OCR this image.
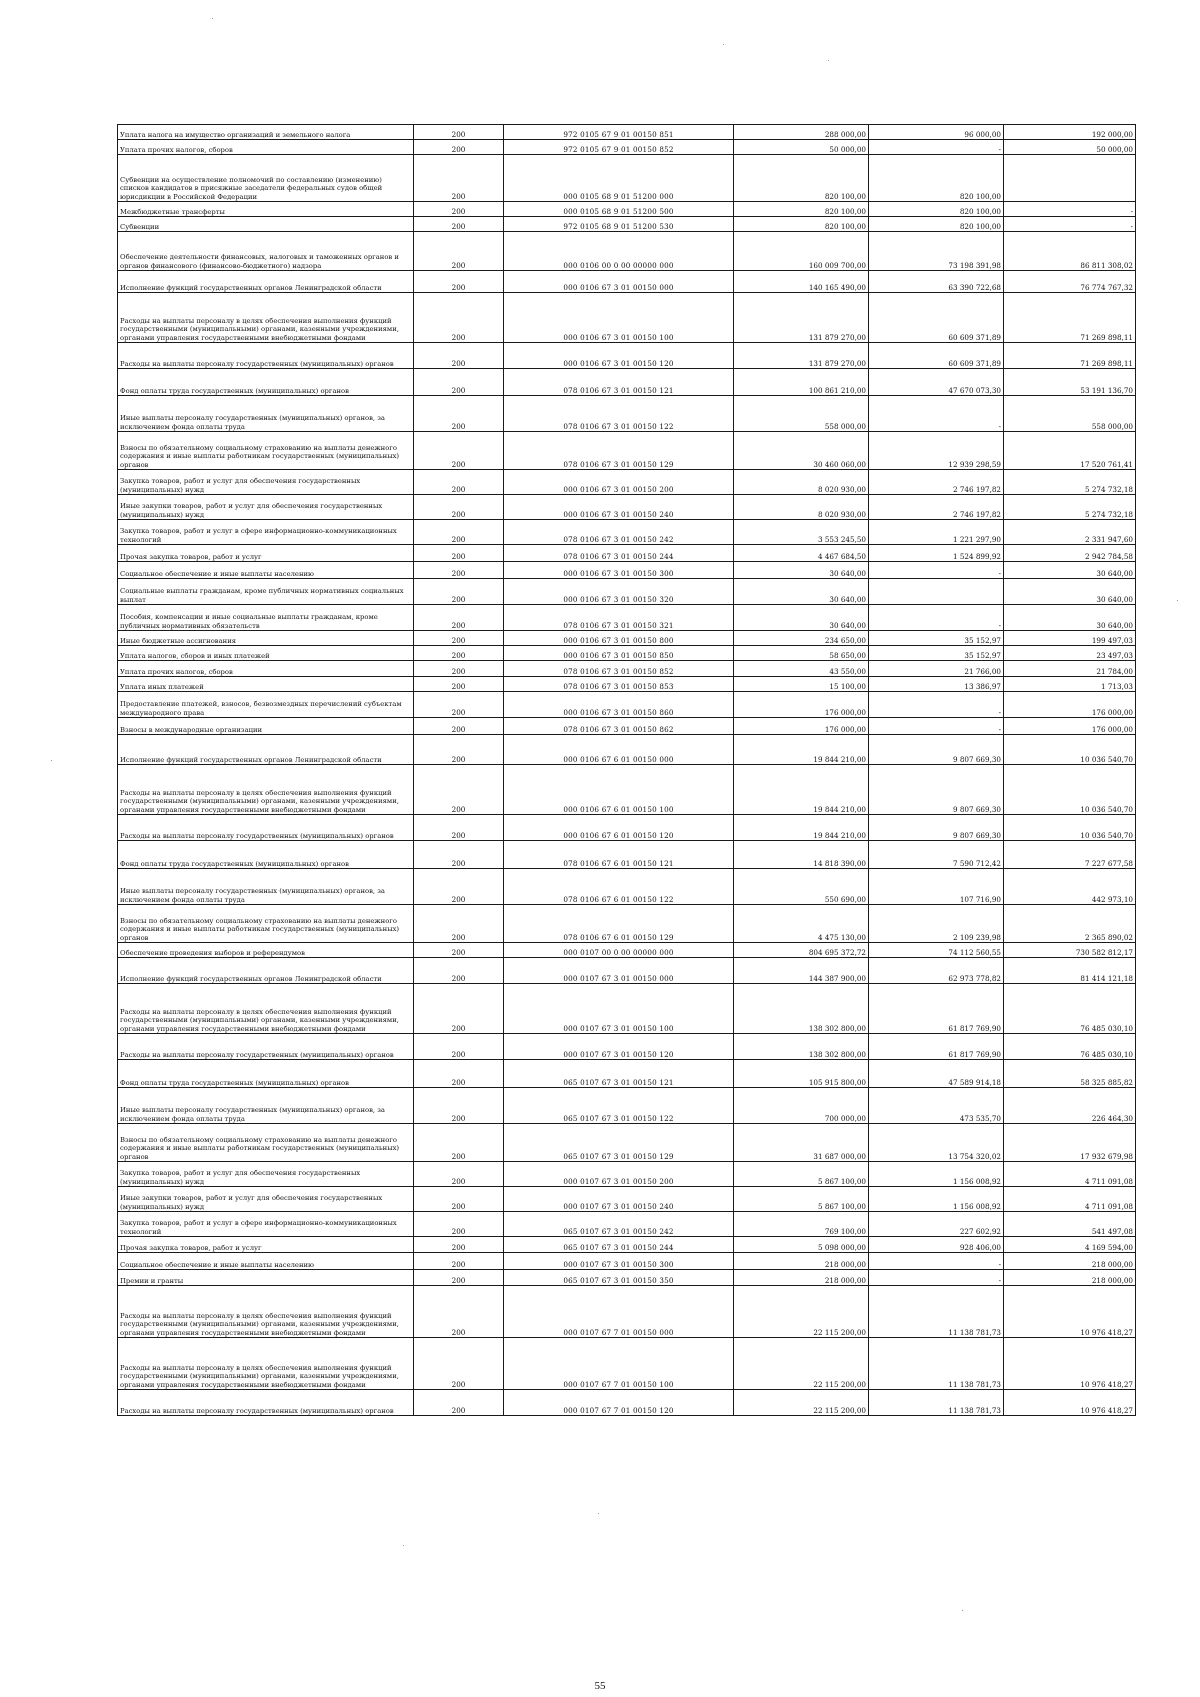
Уплата налога на имущество организаций и земельного налога	200	972 0105 67 9 01 00150 851	288 000,00	96 000,00	192 000,00
Уплата прочих налогов, сборов	200	972 0105 67 9 01 00150 852	50 000,00	-	50 000,00
Субвенции на осуществление полномочий по составлению (изменению) списков кандидатов в присяжные заседатели федеральных судов общей юрисдикции в Российской Федерации	200	000 0105 68 9 01 51200 000	820 100,00	820 100,00	
Межбюджетные трансферты	200	000 0105 68 9 01 51200 500	820 100,00	820 100,00	-
Субвенции	200	972 0105 68 9 01 51200 530	820 100,00	820 100,00	-
Обеспечение деятельности финансовых, налоговых и таможенных органов и органов финансового (финансово-бюджетного) надзора	200	000 0106 00 0 00 00000 000	160 009 700,00	73 198 391,98	86 811 308,02
Исполнение функций государственных органов Ленинградской области	200	000 0106 67 3 01 00150 000	140 165 490,00	63 390 722,68	76 774 767,32
Расходы на выплаты персоналу в целях обеспечения выполнения функций государственными (муниципальными) органами, казенными учреждениями, органами управления государственными внебюджетными фондами	200	000 0106 67 3 01 00150 100	131 879 270,00	60 609 371,89	71 269 898,11
Расходы на выплаты персоналу государственных (муниципальных) органов	200	000 0106 67 3 01 00150 120	131 879 270,00	60 609 371,89	71 269 898,11
Фонд оплаты труда государственных (муниципальных) органов	200	078 0106 67 3 01 00150 121	100 861 210,00	47 670 073,30	53 191 136,70
Иные выплаты персоналу государственных (муниципальных) органов, за исключением фонда оплаты труда	200	078 0106 67 3 01 00150 122	558 000,00	-	558 000,00
Взносы по обязательному социальному страхованию на выплаты денежного содержания и иные выплаты работникам государственных (муниципальных) органов	200	078 0106 67 3 01 00150 129	30 460 060,00	12 939 298,59	17 520 761,41
Закупка товаров, работ и услуг для обеспечения государственных (муниципальных) нужд	200	000 0106 67 3 01 00150 200	8 020 930,00	2 746 197,82	5 274 732,18
Иные закупки товаров, работ и услуг для обеспечения государственных (муниципальных) нужд	200	000 0106 67 3 01 00150 240	8 020 930,00	2 746 197,82	5 274 732,18
Закупка товаров, работ и услуг в сфере информационно-коммуникационных технологий	200	078 0106 67 3 01 00150 242	3 553 245,50	1 221 297,90	2 331 947,60
Прочая закупка товаров, работ и услуг	200	078 0106 67 3 01 00150 244	4 467 684,50	1 524 899,92	2 942 784,58
Социальное обеспечение и иные выплаты населению	200	000 0106 67 3 01 00150 300	30 640,00	-	30 640,00
Социальные выплаты гражданам, кроме публичных нормативных социальных выплат	200	000 0106 67 3 01 00150 320	30 640,00		30 640,00
Пособия, компенсации и иные социальные выплаты гражданам, кроме публичных нормативных обязательств	200	078 0106 67 3 01 00150 321	30 640,00	-	30 640,00
Иные бюджетные ассигнования	200	000 0106 67 3 01 00150 800	234 650,00	35 152,97	199 497,03
Уплата налогов, сборов и иных платежей	200	000 0106 67 3 01 00150 850	58 650,00	35 152,97	23 497,03
Уплата прочих налогов, сборов	200	078 0106 67 3 01 00150 852	43 550,00	21 766,00	21 784,00
Уплата иных платежей	200	078 0106 67 3 01 00150 853	15 100,00	13 386,97	1 713,03
Предоставление платежей, взносов, безвозмездных перечислений субъектам международного права	200	000 0106 67 3 01 00150 860	176 000,00	-	176 000,00
Взносы в международные организации	200	078 0106 67 3 01 00150 862	176 000,00	-	176 000,00
Исполнение функций государственных органов Ленинградской области	200	000 0106 67 6 01 00150 000	19 844 210,00	9 807 669,30	10 036 540,70
Расходы на выплаты персоналу в целях обеспечения выполнения функций государственными (муниципальными) органами, казенными учреждениями, органами управления государственными внебюджетными фондами	200	000 0106 67 6 01 00150 100	19 844 210,00	9 807 669,30	10 036 540,70
Расходы на выплаты персоналу государственных (муниципальных) органов	200	000 0106 67 6 01 00150 120	19 844 210,00	9 807 669,30	10 036 540,70
Фонд оплаты труда государственных (муниципальных) органов	200	078 0106 67 6 01 00150 121	14 818 390,00	7 590 712,42	7 227 677,58
Иные выплаты персоналу государственных (муниципальных) органов, за исключением фонда оплаты труда	200	078 0106 67 6 01 00150 122	550 690,00	107 716,90	442 973,10
Взносы по обязательному социальному страхованию на выплаты денежного содержания и иные выплаты работникам государственных (муниципальных) органов	200	078 0106 67 6 01 00150 129	4 475 130,00	2 109 239,98	2 365 890,02
Обеспечение проведения выборов и референдумов	200	000 0107 00 0 00 00000 000	804 695 372,72	74 112 560,55	730 582 812,17
Исполнение функций государственных органов Ленинградской области	200	000 0107 67 3 01 00150 000	144 387 900,00	62 973 778,82	81 414 121,18
Расходы на выплаты персоналу в целях обеспечения выполнения функций государственными (муниципальными) органами, казенными учреждениями, органами управления государственными внебюджетными фондами	200	000 0107 67 3 01 00150 100	138 302 800,00	61 817 769,90	76 485 030,10
Расходы на выплаты персоналу государственных (муниципальных) органов	200	000 0107 67 3 01 00150 120	138 302 800,00	61 817 769,90	76 485 030,10
Фонд оплаты труда государственных (муниципальных) органов	200	065 0107 67 3 01 00150 121	105 915 800,00	47 589 914,18	58 325 885,82
Иные выплаты персоналу государственных (муниципальных) органов, за исключением фонда оплаты труда	200	065 0107 67 3 01 00150 122	700 000,00	473 535,70	226 464,30
Взносы по обязательному социальному страхованию на выплаты денежного содержания и иные выплаты работникам государственных (муниципальных) органов	200	065 0107 67 3 01 00150 129	31 687 000,00	13 754 320,02	17 932 679,98
Закупка товаров, работ и услуг для обеспечения государственных (муниципальных) нужд	200	000 0107 67 3 01 00150 200	5 867 100,00	1 156 008,92	4 711 091,08
Иные закупки товаров, работ и услуг для обеспечения государственных (муниципальных) нужд	200	000 0107 67 3 01 00150 240	5 867 100,00	1 156 008,92	4 711 091,08
Закупка товаров, работ и услуг в сфере информационно-коммуникационных технологий	200	065 0107 67 3 01 00150 242	769 100,00	227 602,92	541 497,08
Прочая закупка товаров, работ и услуг	200	065 0107 67 3 01 00150 244	5 098 000,00	928 406,00	4 169 594,00
Социальное обеспечение и иные выплаты населению	200	000 0107 67 3 01 00150 300	218 000,00	-	218 000,00
Премии и гранты	200	065 0107 67 3 01 00150 350	218 000,00	-	218 000,00
Расходы на выплаты персоналу в целях обеспечения выполнения функций государственными (муниципальными) органами, казенными учреждениями, органами управления государственными внебюджетными фондами	200	000 0107 67 7 01 00150 000	22 115 200,00	11 138 781,73	10 976 418,27
Расходы на выплаты персоналу в целях обеспечения выполнения функций государственными (муниципальными) органами, казенными учреждениями, органами управления государственными внебюджетными фондами	200	000 0107 67 7 01 00150 100	22 115 200,00	11 138 781,73	10 976 418,27
Расходы на выплаты персоналу государственных (муниципальных) органов	200	000 0107 67 7 01 00150 120	22 115 200,00	11 138 781,73	10 976 418,27
55
